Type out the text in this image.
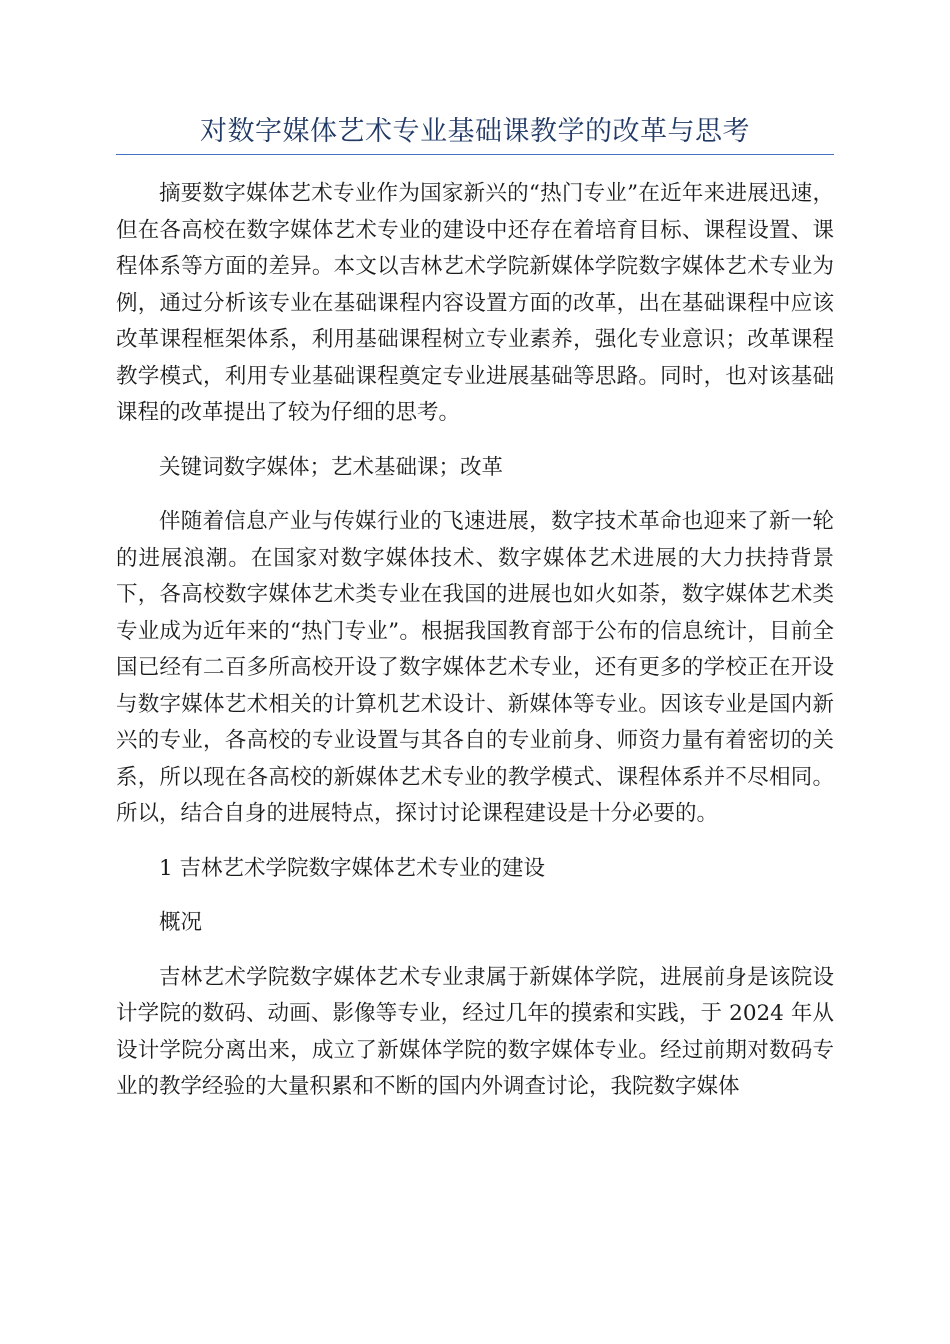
对数字媒体艺术专业基础课教学的改革与思考

摘要数字媒体艺术专业作为国家新兴的“热门专业”在近年来进展迅速，但在各高校在数字媒体艺术专业的建设中还存在着培育目标、课程设置、课程体系等方面的差异。本文以吉林艺术学院新媒体学院数字媒体艺术专业为例，通过分析该专业在基础课程内容设置方面的改革，出在基础课程中应该改革课程框架体系，利用基础课程树立专业素养，强化专业意识；改革课程教学模式，利用专业基础课程奠定专业进展基础等思路。同时，也对该基础课程的改革提出了较为仔细的思考。

关键词数字媒体；艺术基础课；改革

伴随着信息产业与传媒行业的飞速进展，数字技术革命也迎来了新一轮的进展浪潮。在国家对数字媒体技术、数字媒体艺术进展的大力扶持背景下，各高校数字媒体艺术类专业在我国的进展也如火如荼，数字媒体艺术类专业成为近年来的“热门专业”。根据我国教育部于公布的信息统计，目前全国已经有二百多所高校开设了数字媒体艺术专业，还有更多的学校正在开设与数字媒体艺术相关的计算机艺术设计、新媒体等专业。因该专业是国内新兴的专业，各高校的专业设置与其各自的专业前身、师资力量有着密切的关系，所以现在各高校的新媒体艺术专业的教学模式、课程体系并不尽相同。所以，结合自身的进展特点，探讨讨论课程建设是十分必要的。

1 吉林艺术学院数字媒体艺术专业的建设

概况

吉林艺术学院数字媒体艺术专业隶属于新媒体学院，进展前身是该院设计学院的数码、动画、影像等专业，经过几年的摸索和实践，于 2024 年从设计学院分离出来，成立了新媒体学院的数字媒体专业。经过前期对数码专业的教学经验的大量积累和不断的国内外调查讨论，我院数字媒体
